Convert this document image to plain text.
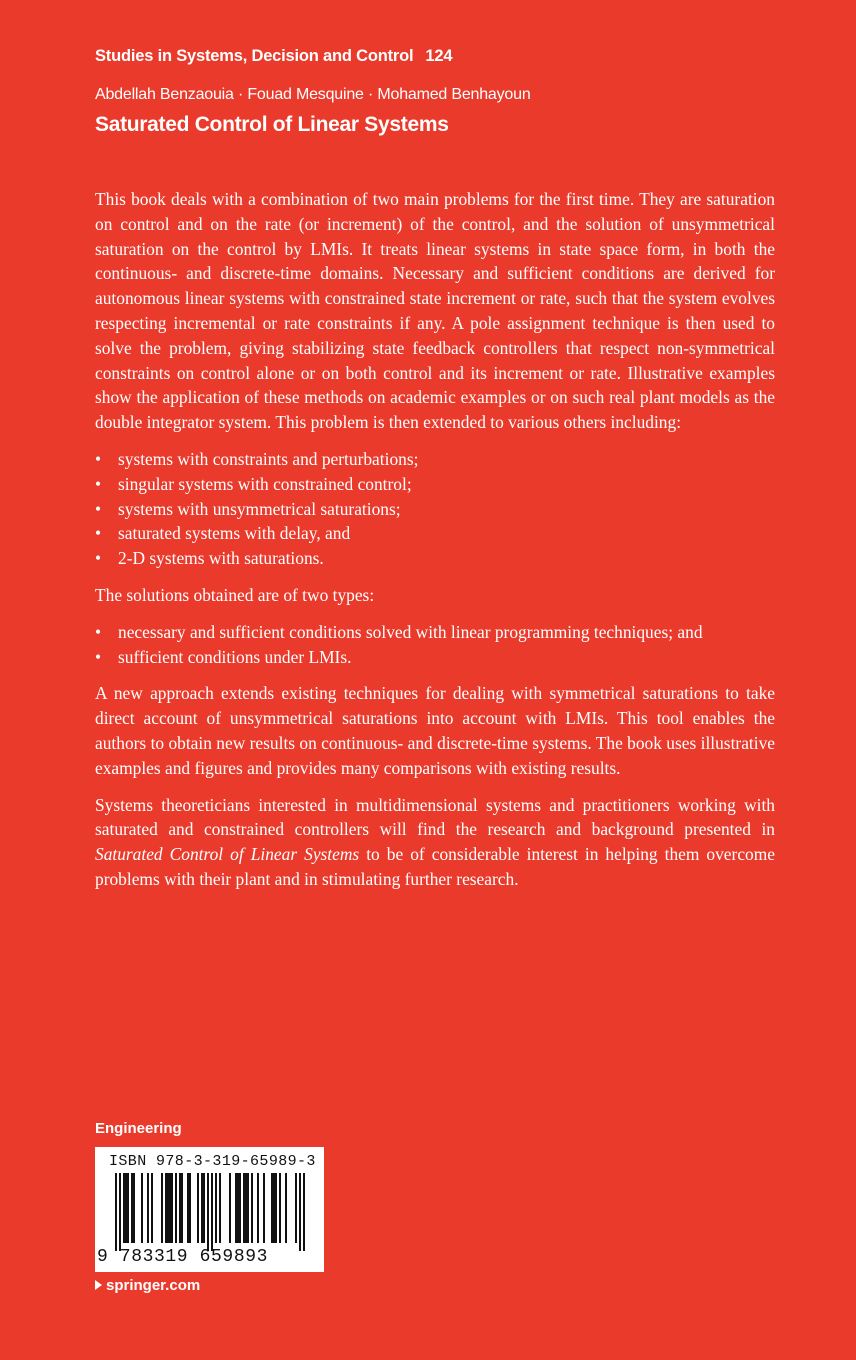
Studies in Systems, Decision and Control 124
Abdellah Benzaouia · Fouad Mesquine · Mohamed Benhayoun
Saturated Control of Linear Systems

This book deals with a combination of two main problems for the first time. They are saturation on control and on the rate (or increment) of the control, and the solution of unsymmetrical saturation on the control by LMIs. It treats linear systems in state space form, in both the continuous- and discrete-time domains. Necessary and sufficient conditions are derived for autonomous linear systems with constrained state increment or rate, such that the system evolves respecting incremental or rate constraints if any. A pole assignment technique is then used to solve the problem, giving stabilizing state feedback controllers that respect non-symmetrical constraints on control alone or on both control and its increment or rate. Illustrative examples show the application of these methods on academic examples or on such real plant models as the double integrator system. This problem is then extended to various others including:

• systems with constraints and perturbations;
• singular systems with constrained control;
• systems with unsymmetrical saturations;
• saturated systems with delay, and
• 2-D systems with saturations.

The solutions obtained are of two types:

• necessary and sufficient conditions solved with linear programming techniques; and
• sufficient conditions under LMIs.

A new approach extends existing techniques for dealing with symmetrical saturations to take direct account of unsymmetrical saturations into account with LMIs. This tool enables the authors to obtain new results on continuous- and discrete-time systems. The book uses illustrative examples and figures and provides many comparisons with existing results.

Systems theoreticians interested in multidimensional systems and practitioners working with saturated and constrained controllers will find the research and background presented in Saturated Control of Linear Systems to be of considerable interest in helping them overcome problems with their plant and in stimulating further research.

Engineering
ISBN 978-3-319-65989-3
9 783319 659893
springer.com
